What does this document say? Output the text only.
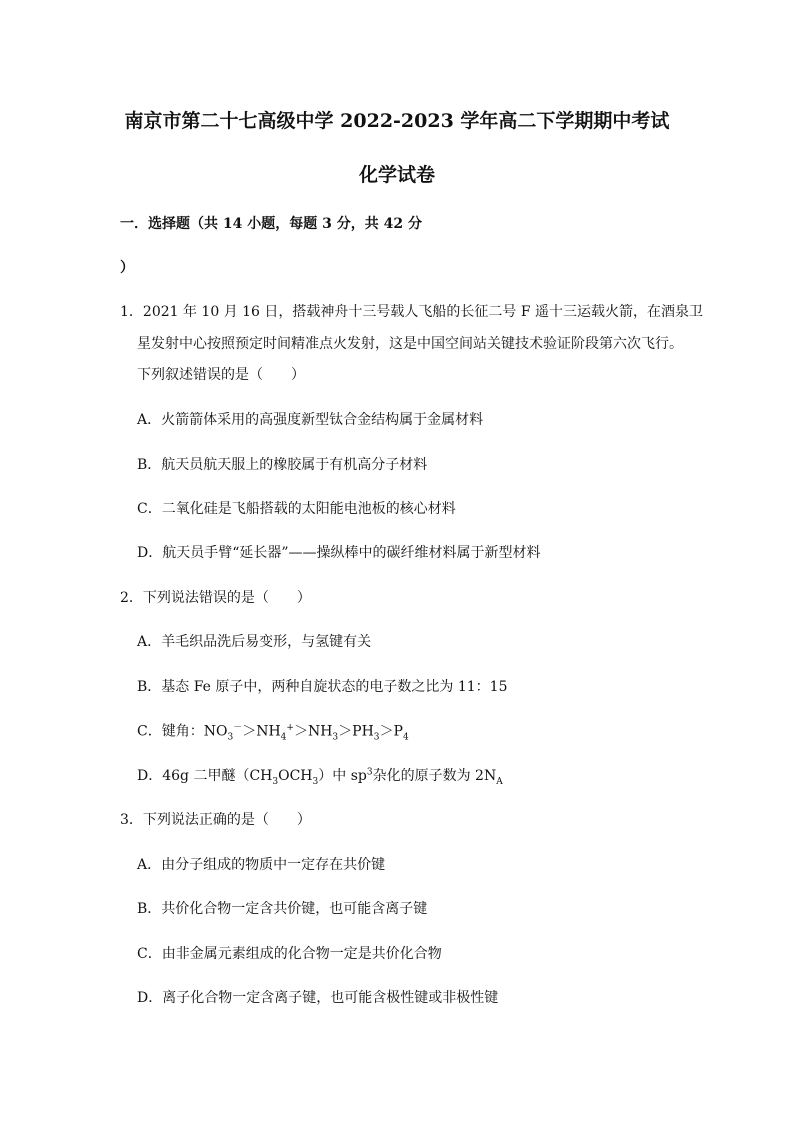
南京市第二十七高级中学 2022-2023 学年高二下学期期中考试
化学试卷
一．选择题（共 14 小题，每题 3 分，共 42 分
）
1．2021 年 10 月 16 日，搭载神舟十三号载人飞船的长征二号 F 遥十三运载火箭，在酒泉卫
星发射中心按照预定时间精准点火发射，这是中国空间站关键技术验证阶段第六次飞行。
下列叙述错误的是（　　）
A．火箭箭体采用的高强度新型钛合金结构属于金属材料
B．航天员航天服上的橡胶属于有机高分子材料
C．二氧化硅是飞船搭载的太阳能电池板的核心材料
D．航天员手臂“延长器”——操纵棒中的碳纤维材料属于新型材料
2．下列说法错误的是（　　）
A．羊毛织品洗后易变形，与氢键有关
B．基态 Fe 原子中，两种自旋状态的电子数之比为 11：15
C．键角：$NO_3^->NH_4^+>NH_3>PH_3>P_4$
D．46g 二甲醚$(CH_3OCH_3)$中 $sp^3$杂化的原子数为 $2N_A$
3．下列说法正确的是（　　）
A．由分子组成的物质中一定存在共价键
B．共价化合物一定含共价键，也可能含离子键
C．由非金属元素组成的化合物一定是共价化合物
D．离子化合物一定含离子键，也可能含极性键或非极性键
